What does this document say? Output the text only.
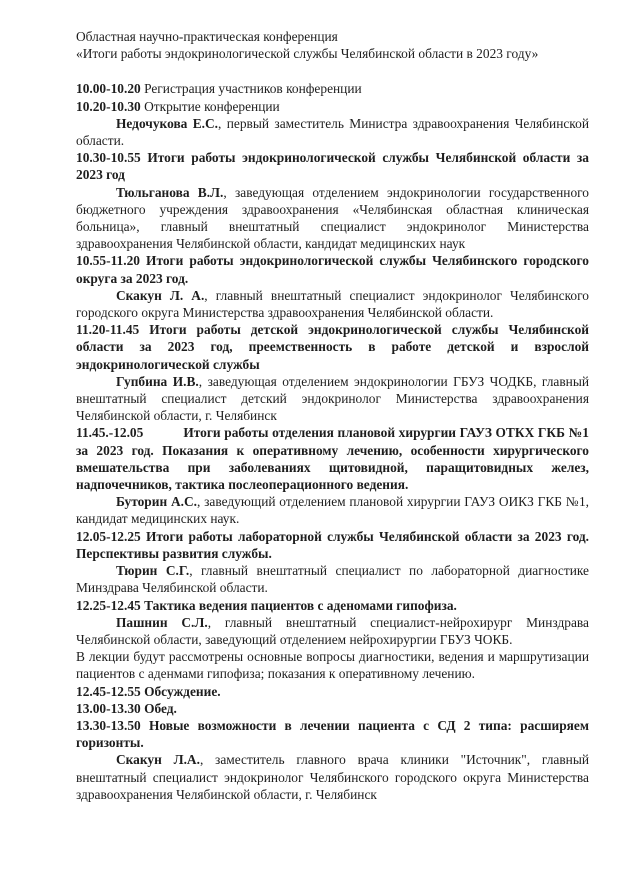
Областная научно-практическая конференция

«Итоги работы эндокринологической службы Челябинской области в 2023 году»

10.00-10.20 Регистрация участников конференции

10.20-10.30 Открытие конференции

Недочукова Е.С., первый заместитель Министра здравоохранения Челябинской области.

10.30-10.55 Итоги работы эндокринологической службы Челябинской области за 2023 год

Тюльганова В.Л., заведующая отделением эндокринологии государственного бюджетного учреждения здравоохранения «Челябинская областная клиническая больница», главный внештатный специалист эндокринолог Министерства здравоохранения Челябинской области, кандидат медицинских наук

10.55-11.20 Итоги работы эндокринологической службы Челябинского городского округа за 2023 год.

Скакун Л. А., главный внештатный специалист эндокринолог Челябинского городского округа Министерства здравоохранения Челябинской области.

11.20-11.45 Итоги работы детской эндокринологической службы Челябинской области за 2023 год, преемственность в работе детской и взрослой эндокринологической службы

Гупбина И.В., заведующая отделением эндокринологии ГБУЗ ЧОДКБ, главный внештатный специалист детский эндокринолог Министерства здравоохранения Челябинской области, г. Челябинск

11.45.-12.05	Итоги работы отделения плановой хирургии ГАУЗ ОТКХ ГКБ №1 за 2023 год. Показания к оперативному лечению, особенности хирургического вмешательства при заболеваниях щитовидной, паращитовидных желез, надпочечников, тактика послеоперационного ведения.

Буторин А.С., заведующий отделением плановой хирургии ГАУЗ ОИКЗ ГКБ №1, кандидат медицинских наук.

12.05-12.25 Итоги работы лабораторной службы Челябинской области за 2023 год. Перспективы развития службы.

Тюрин С.Г., главный внештатный специалист по лабораторной диагностике Минздрава Челябинской области.

12.25-12.45 Тактика ведения пациентов с аденомами гипофиза.

Пашнин С.Л., главный внештатный специалист-нейрохирург Минздрава Челябинской области, заведующий отделением нейрохирургии ГБУЗ ЧОКБ.

В лекции будут рассмотрены основные вопросы диагностики, ведения и маршрутизации пациентов с аденмами гипофиза; показания к оперативному лечению.

12.45-12.55 Обсуждение.

13.00-13.30 Обед.

13.30-13.50 Новые возможности в лечении пациента с СД 2 типа: расширяем горизонты.

Скакун Л.А., заместитель главного врача клиники "Источник", главный внештатный специалист эндокринолог Челябинского городского округа Министерства здравоохранения Челябинской области, г. Челябинск
